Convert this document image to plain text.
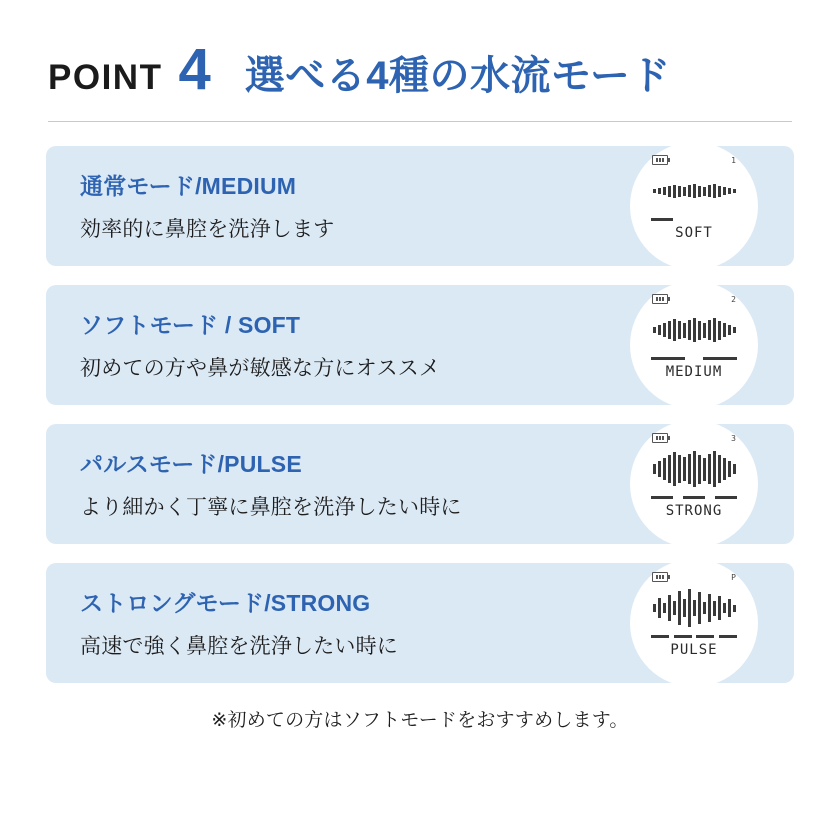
POINT 4 選べる4種の水流モード
通常モード/MEDIUM
効率的に鼻腔を洗浄します
1
SOFT
ソフトモード / SOFT
初めての方や鼻が敏感な方にオススメ
2
MEDIUM
パルスモード/PULSE
より細かく丁寧に鼻腔を洗浄したい時に
3
STRONG
ストロングモード/STRONG
高速で強く鼻腔を洗浄したい時に
P
PULSE
※初めての方はソフトモードをおすすめします。
